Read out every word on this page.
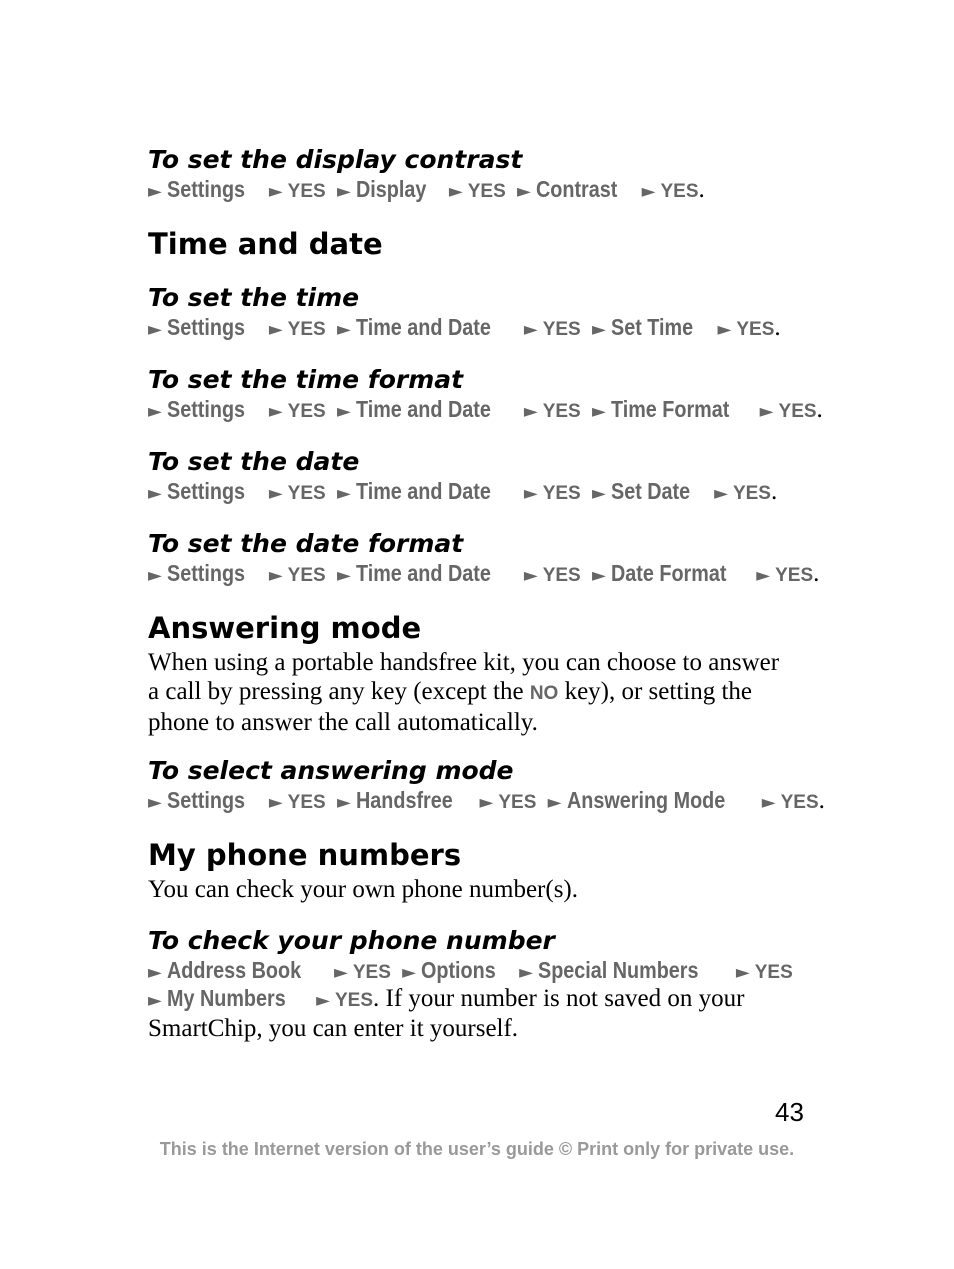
To set the display contrast

► Settings ► YES ► Display ► YES ► Contrast ► YES.

Time and date
To set the time

► Settings ► YES ► Time and Date ► YES ► Set Time ► YES.

To set the time format

► Settings ► YES ► Time and Date ► YES ► Time Format ► YES.

To set the date

► Settings ► YES ► Time and Date ► YES ► Set Date ► YES.

To set the date format

► Settings ► YES ► Time and Date ► YES ► Date Format ► YES.

Answering mode
When using a portable handsfree kit, you can choose to answer
a call by pressing any key (except the NO key), or setting the
phone to answer the call automatically.
To select answering mode

► Settings ► YES ► Handsfree ► YES ► Answering Mode ► YES.

My phone numbers
You can check your own phone number(s).
To check your phone number

► Address Book ► YES ► Options ► Special Numbers ► YES

► My Numbers ► YES. If your number is not saved on your

SmartChip, you can enter it yourself.

43

This is the Internet version of the user’s guide © Print only for private use.
